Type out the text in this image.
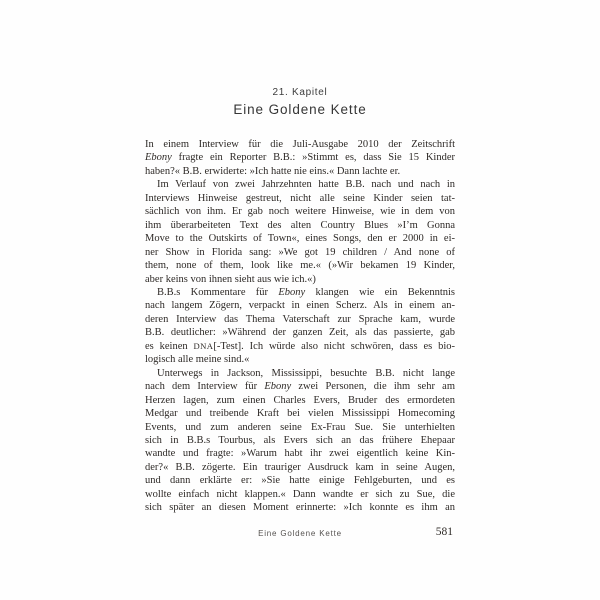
21. Kapitel
Eine Goldene Kette
In einem Interview für die Juli-Ausgabe 2010 der Zeitschrift
Ebony fragte ein Reporter B.B.: »Stimmt es, dass Sie 15 Kinder
haben?« B.B. erwiderte: »Ich hatte nie eins.« Dann lachte er.
Im Verlauf von zwei Jahrzehnten hatte B.B. nach und nach in
Interviews Hinweise gestreut, nicht alle seine Kinder seien tat-
sächlich von ihm. Er gab noch weitere Hinweise, wie in dem von
ihm überarbeiteten Text des alten Country Blues »I’m Gonna
Move to the Outskirts of Town«, eines Songs, den er 2000 in ei-
ner Show in Florida sang: »We got 19 children / And none of
them, none of them, look like me.« (»Wir bekamen 19 Kinder,
aber keins von ihnen sieht aus wie ich.«)
B.B.s Kommentare für Ebony klangen wie ein Bekenntnis
nach langem Zögern, verpackt in einen Scherz. Als in einem an-
deren Interview das Thema Vaterschaft zur Sprache kam, wurde
B.B. deutlicher: »Während der ganzen Zeit, als das passierte, gab
es keinen DNA[-Test]. Ich würde also nicht schwören, dass es bio-
logisch alle meine sind.«
Unterwegs in Jackson, Mississippi, besuchte B.B. nicht lange
nach dem Interview für Ebony zwei Personen, die ihm sehr am
Herzen lagen, zum einen Charles Evers, Bruder des ermordeten
Medgar und treibende Kraft bei vielen Mississippi Homecoming
Events, und zum anderen seine Ex-Frau Sue. Sie unterhielten
sich in B.B.s Tourbus, als Evers sich an das frühere Ehepaar
wandte und fragte: »Warum habt ihr zwei eigentlich keine Kin-
der?« B.B. zögerte. Ein trauriger Ausdruck kam in seine Augen,
und dann erklärte er: »Sie hatte einige Fehlgeburten, und es
wollte einfach nicht klappen.« Dann wandte er sich zu Sue, die
sich später an diesen Moment erinnerte: »Ich konnte es ihm an
Eine Goldene Kette	581
